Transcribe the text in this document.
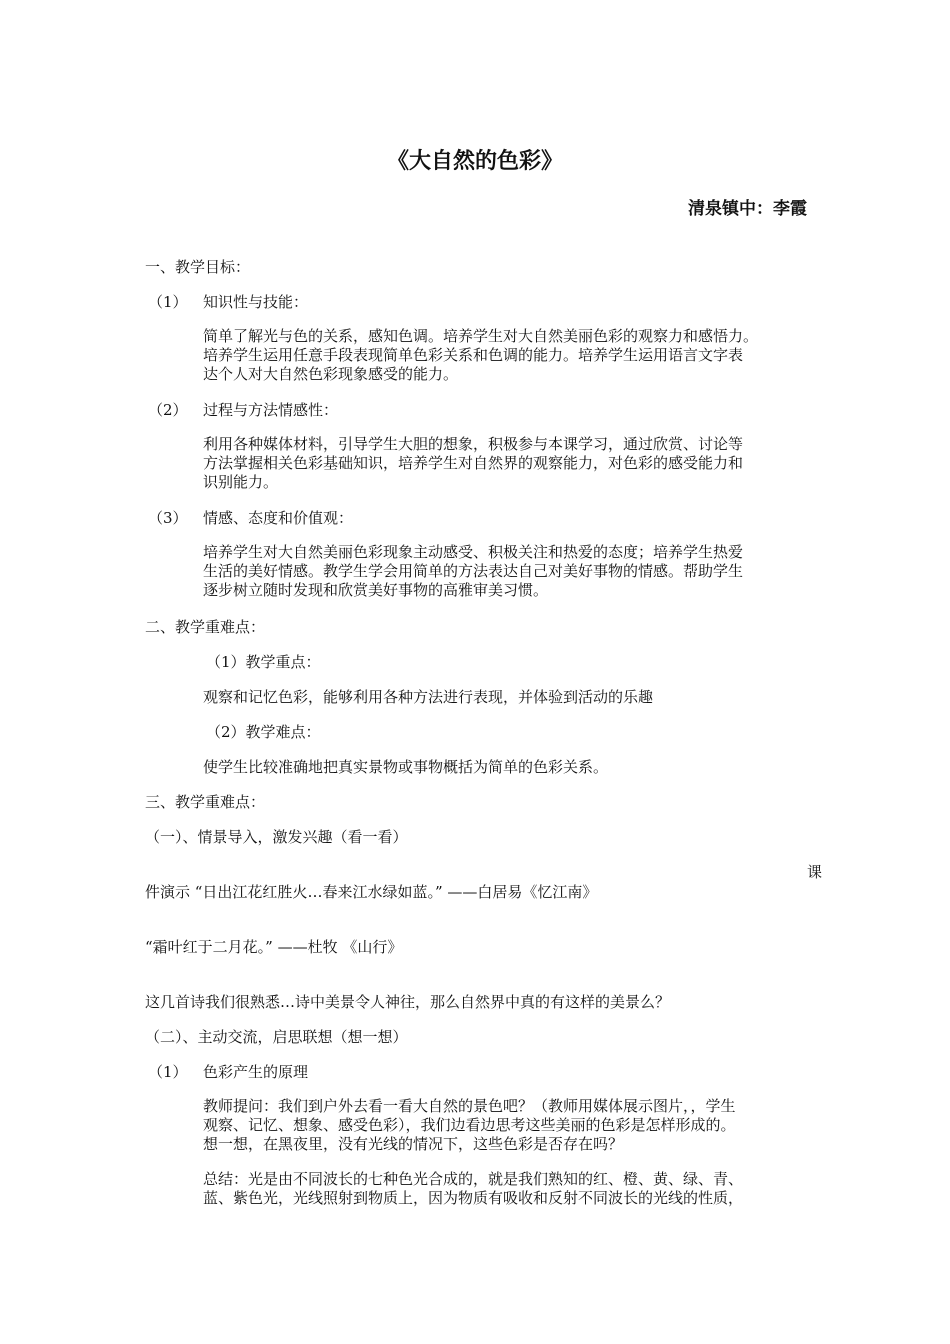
《大自然的色彩》
清泉镇中：李霞
一、教学目标：
（1） 知识性与技能：
简单了解光与色的关系，感知色调。培养学生对大自然美丽色彩的观察力和感悟力。
培养学生运用任意手段表现简单色彩关系和色调的能力。培养学生运用语言文字表
达个人对大自然色彩现象感受的能力。
（2） 过程与方法情感性：
利用各种媒体材料，引导学生大胆的想象，积极参与本课学习，通过欣赏、讨论等
方法掌握相关色彩基础知识，培养学生对自然界的观察能力，对色彩的感受能力和
识别能力。
（3） 情感、态度和价值观：
培养学生对大自然美丽色彩现象主动感受、积极关注和热爱的态度；培养学生热爱
生活的美好情感。教学生学会用简单的方法表达自己对美好事物的情感。帮助学生
逐步树立随时发现和欣赏美好事物的高雅审美习惯。
二、教学重难点：
（1）教学重点：
观察和记忆色彩，能够利用各种方法进行表现，并体验到活动的乐趣
（2）教学难点：
使学生比较准确地把真实景物或事物概括为简单的色彩关系。
三、教学重难点：
（一）、情景导入，激发兴趣（看一看）
课
件演示 “日出江花红胜火…春来江水绿如蓝。” ——白居易《忆江南》
“霜叶红于二月花。” ——杜牧 《山行》
这几首诗我们很熟悉…诗中美景令人神往，那么自然界中真的有这样的美景么？
（二）、主动交流，启思联想（想一想）
（1） 色彩产生的原理
教师提问：我们到户外去看一看大自然的景色吧？（教师用媒体展示图片，，学生
观察、记忆、想象、感受色彩），我们边看边思考这些美丽的色彩是怎样形成的。
想一想，在黑夜里，没有光线的情况下，这些色彩是否存在吗？
总结：光是由不同波长的七种色光合成的，就是我们熟知的红、橙、黄、绿、青、
蓝、紫色光，光线照射到物质上，因为物质有吸收和反射不同波长的光线的性质，
